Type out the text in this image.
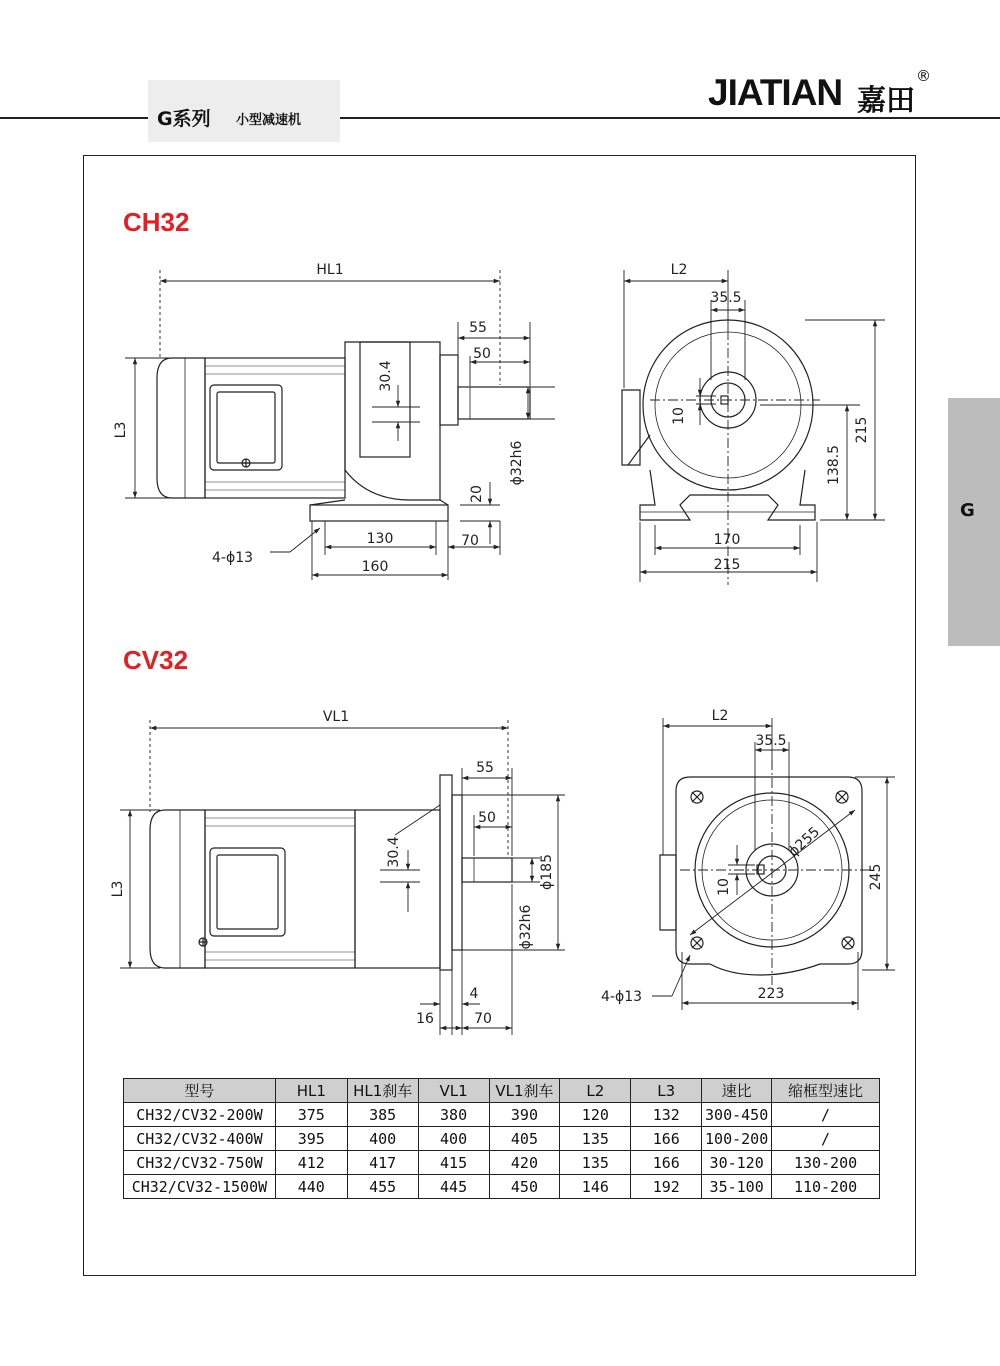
G系列 小型减速机
JIATIAN 嘉田
®
G
CH32
CV32
HL1
L3
55
50
30.4
ϕ32h6
20
130	70
160
4-ϕ13
L2
35.5
10
215
138.5
170
215
VL1
L3
55
50
30.4
ϕ185
ϕ32h6
4
16	70
L2
35.5
ϕ255
10	245
4-ϕ13	223
型号	HL1	HL1刹车	VL1	VL1刹车	L2	L3	速比	缩框型速比
CH32/CV32-200W	375	385	380	390	120	132	300-450	/
CH32/CV32-400W	395	400	400	405	135	166	100-200	/
CH32/CV32-750W	412	417	415	420	135	166	30-120	130-200
CH32/CV32-1500W	440	455	445	450	146	192	35-100	110-200
